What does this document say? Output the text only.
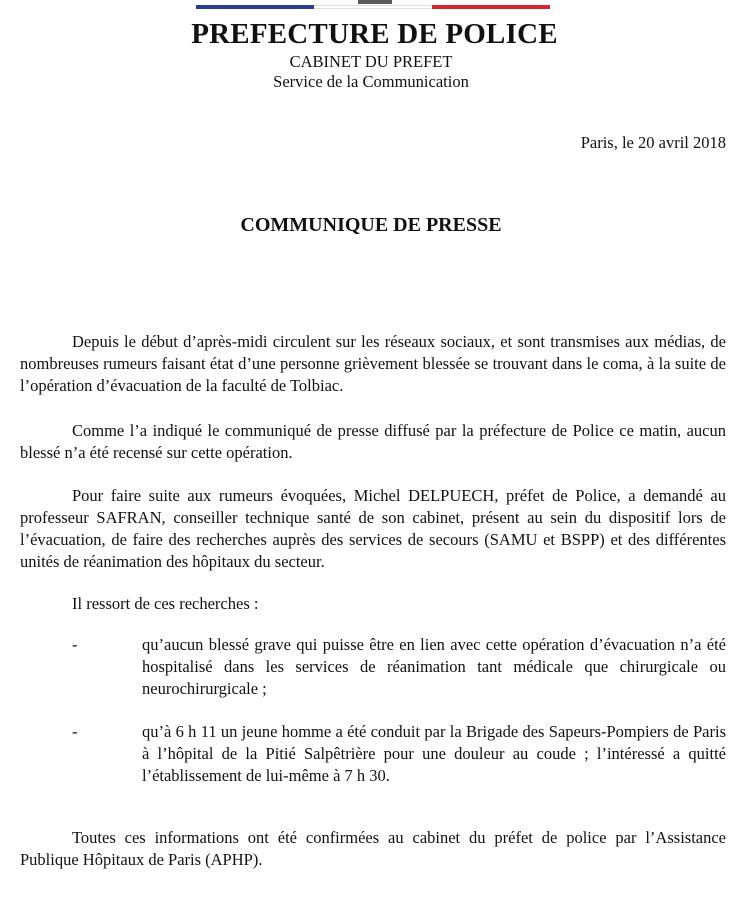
PREFECTURE DE POLICE
CABINET DU PREFET
Service de la Communication
Paris, le 20 avril 2018
COMMUNIQUE DE PRESSE

Depuis le début d’après-midi circulent sur les réseaux sociaux, et sont transmises aux médias, de nombreuses rumeurs faisant état d’une personne grièvement blessée se trouvant dans le coma, à la suite de l’opération d’évacuation de la faculté de Tolbiac.

Comme l’a indiqué le communiqué de presse diffusé par la préfecture de Police ce matin, aucun blessé n’a été recensé sur cette opération.

Pour faire suite aux rumeurs évoquées, Michel DELPUECH, préfet de Police, a demandé au professeur SAFRAN, conseiller technique santé de son cabinet, présent au sein du dispositif lors de l’évacuation, de faire des recherches auprès des services de secours (SAMU et BSPP) et des différentes unités de réanimation des hôpitaux du secteur.

Il ressort de ces recherches :

-	qu’aucun blessé grave qui puisse être en lien avec cette opération d’évacuation n’a été hospitalisé dans les services de réanimation tant médicale que chirurgicale ou neurochirurgicale ;
-	qu’à 6 h 11 un jeune homme a été conduit par la Brigade des Sapeurs-Pompiers de Paris à l’hôpital de la Pitié Salpêtrière pour une douleur au coude ; l’intéressé a quitté l’établissement de lui-même à 7 h 30.

Toutes ces informations ont été confirmées au cabinet du préfet de police par l’Assistance Publique Hôpitaux de Paris (APHP).
